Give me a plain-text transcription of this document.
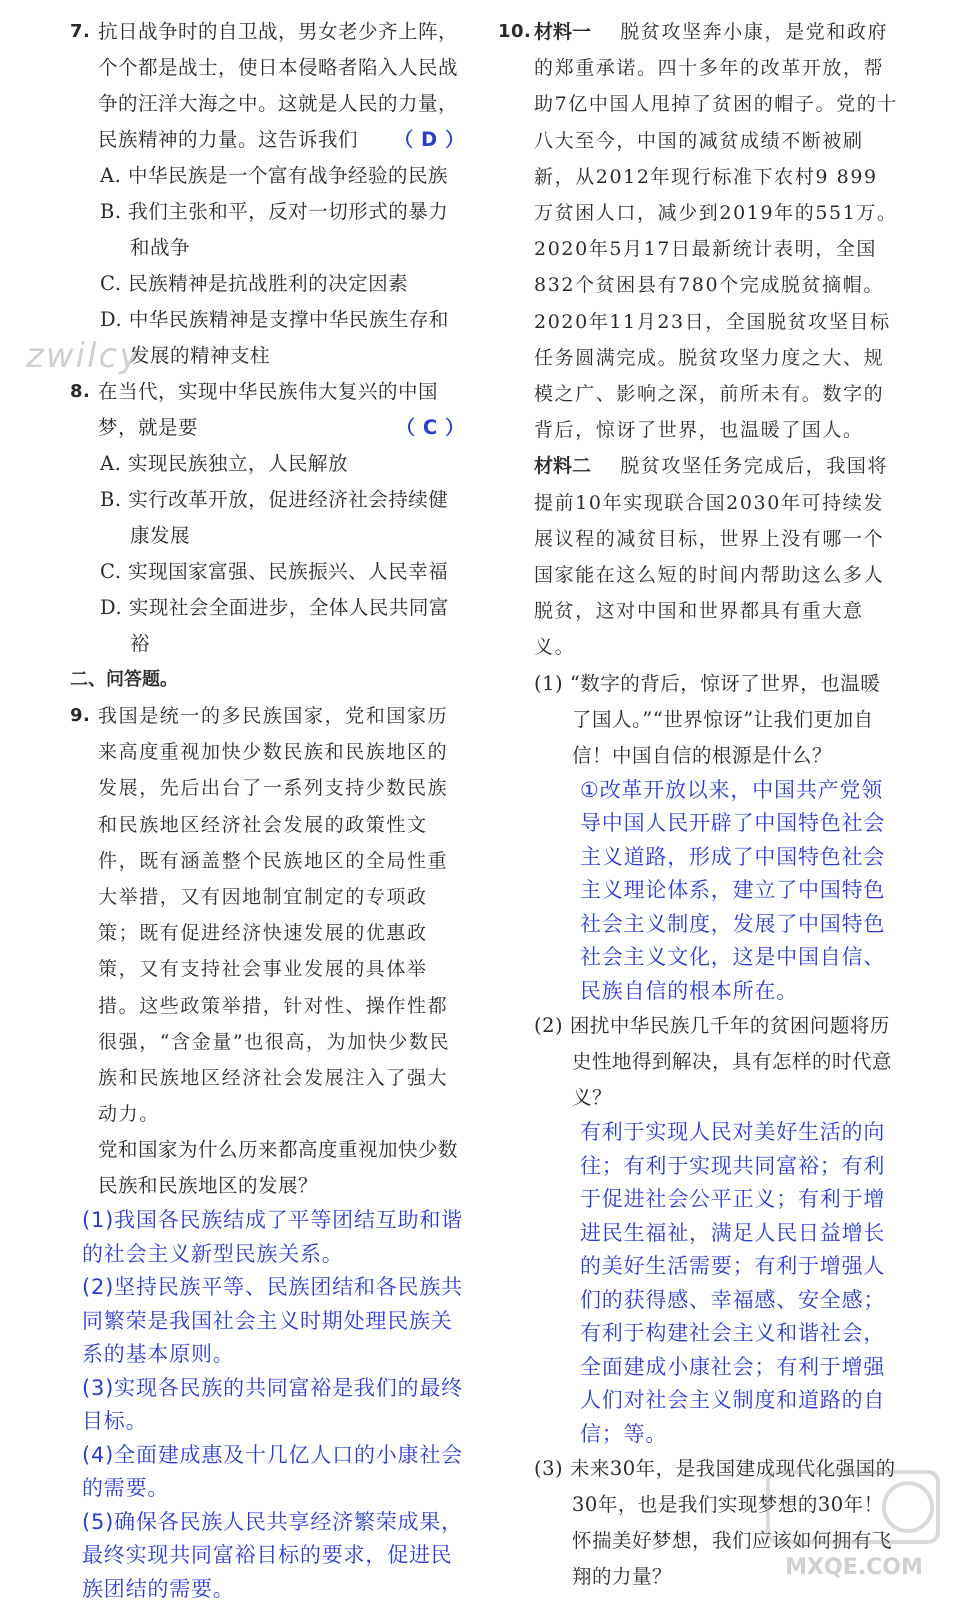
7. 抗日战争时的自卫战，男女老少齐上阵，个个都是战士，使日本侵略者陷入人民战争的汪洋大海之中。这就是人民的力量，民族精神的力量。这告诉我们 （ D ）
A. 中华民族是一个富有战争经验的民族
B. 我们主张和平，反对一切形式的暴力和战争
C. 民族精神是抗战胜利的决定因素
D. 中华民族精神是支撑中华民族生存和发展的精神支柱
8. 在当代，实现中华民族伟大复兴的中国梦，就是要	（ C ）
A. 实现民族独立，人民解放
B. 实行改革开放，促进经济社会持续健康发展
C. 实现国家富强、民族振兴、人民幸福
D. 实现社会全面进步，全体人民共同富裕
二、问答题。
9. 我国是统一的多民族国家，党和国家历来高度重视加快少数民族和民族地区的发展，先后出台了一系列支持少数民族和民族地区经济社会发展的政策性文件，既有涵盖整个民族地区的全局性重大举措，又有因地制宜制定的专项政策；既有促进经济快速发展的优惠政策，又有支持社会事业发展的具体举措。这些政策举措，针对性、操作性都很强，“含金量”也很高，为加快少数民族和民族地区经济社会发展注入了强大动力。
党和国家为什么历来都高度重视加快少数民族和民族地区的发展？
(1)我国各民族结成了平等团结互助和谐的社会主义新型民族关系。
(2)坚持民族平等、民族团结和各民族共同繁荣是我国社会主义时期处理民族关系的基本原则。
(3)实现各民族的共同富裕是我们的最终目标。
(4)全面建成惠及十几亿人口的小康社会的需要。
(5)确保各民族人民共享经济繁荣成果，最终实现共同富裕目标的要求，促进民族团结的需要。
10. 材料一 脱贫攻坚奔小康，是党和政府的郑重承诺。四十多年的改革开放，帮助7亿中国人甩掉了贫困的帽子。党的十八大至今，中国的减贫成绩不断被刷新，从2012年现行标准下农村9 899万贫困人口，减少到2019年的551万。2020年5月17日最新统计表明，全国832个贫困县有780个完成脱贫摘帽。2020年11月23日，全国脱贫攻坚目标任务圆满完成。脱贫攻坚力度之大、规模之广、影响之深，前所未有。数字的背后，惊讶了世界，也温暖了国人。
材料二 脱贫攻坚任务完成后，我国将提前10年实现联合国2030年可持续发展议程的减贫目标，世界上没有哪一个国家能在这么短的时间内帮助这么多人脱贫，这对中国和世界都具有重大意义。
(1) “数字的背后，惊讶了世界，也温暖了国人。”“世界惊讶”让我们更加自信！中国自信的根源是什么？
①改革开放以来，中国共产党领导中国人民开辟了中国特色社会主义道路，形成了中国特色社会主义理论体系，建立了中国特色社会主义制度，发展了中国特色社会主义文化，这是中国自信、民族自信的根本所在。
(2) 困扰中华民族几千年的贫困问题将历史性地得到解决，具有怎样的时代意义？
有利于实现人民对美好生活的向往；有利于实现共同富裕；有利于促进社会公平正义；有利于增进民生福祉，满足人民日益增长的美好生活需要；有利于增强人们的获得感、幸福感、安全感；有利于构建社会主义和谐社会，全面建成小康社会；有利于增强人们对社会主义制度和道路的自信；等。
(3) 未来30年，是我国建成现代化强国的30年，也是我们实现梦想的30年！怀揣美好梦想，我们应该如何拥有飞翔的力量？
zwilcy
MXQE.COM
